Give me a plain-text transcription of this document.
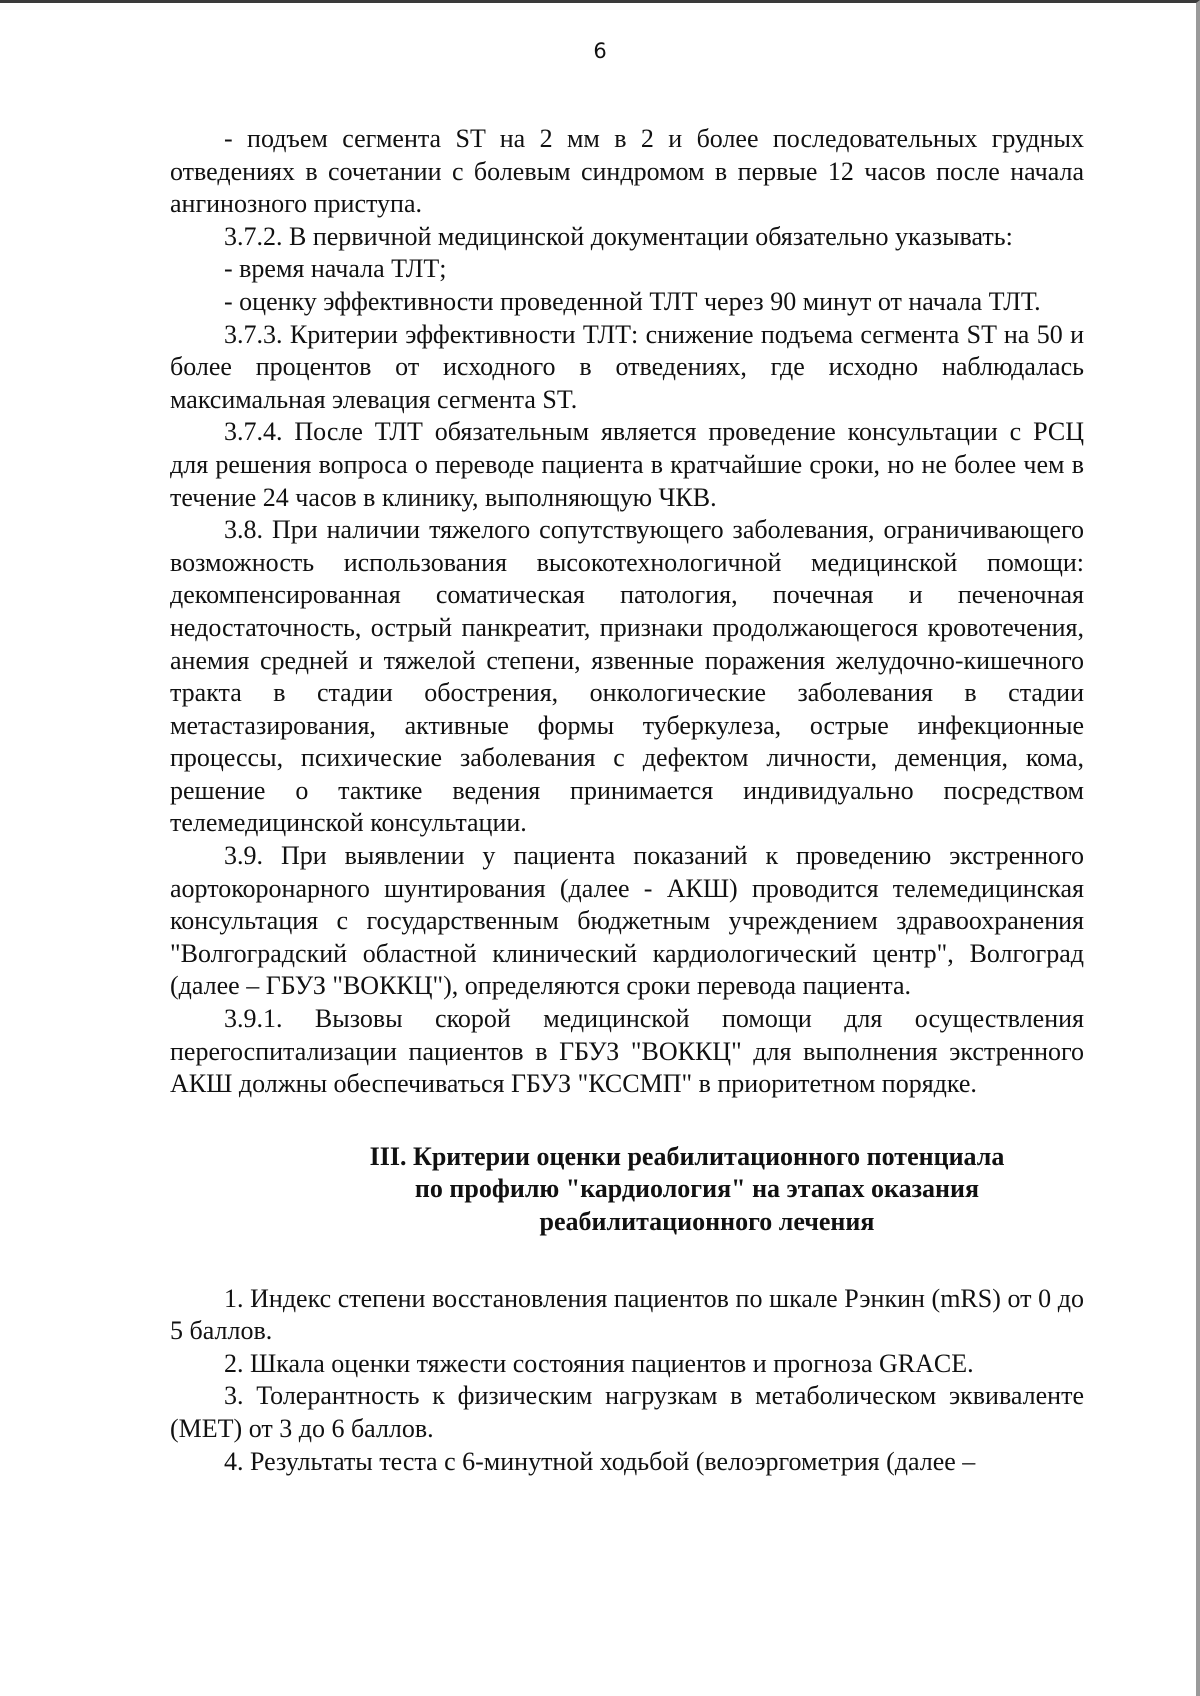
6

- подъем сегмента ST на 2 мм в 2 и более последовательных грудных отведениях в сочетании с болевым синдромом в первые 12 часов после начала ангинозного приступа.

3.7.2. В первичной медицинской документации обязательно указывать:

- время начала ТЛТ;

- оценку эффективности проведенной ТЛТ через 90 минут от начала ТЛТ.

3.7.3. Критерии эффективности ТЛТ: снижение подъема сегмента ST на 50 и более процентов от исходного в отведениях, где исходно наблюдалась максимальная элевация сегмента ST.

3.7.4. После ТЛТ обязательным является проведение консультации с РСЦ для решения вопроса о переводе пациента в кратчайшие сроки, но не более чем в течение 24 часов в клинику, выполняющую ЧКВ.

3.8. При наличии тяжелого сопутствующего заболевания, ограничивающего возможность использования высокотехнологичной медицинской помощи: декомпенсированная соматическая патология, почечная и печеночная недостаточность, острый панкреатит, признаки продолжающегося кровотечения, анемия средней и тяжелой степени, язвенные поражения желудочно-кишечного тракта в стадии обострения, онкологические заболевания в стадии метастазирования, активные формы туберкулеза, острые инфекционные процессы, психические заболевания с дефектом личности, деменция, кома, решение о тактике ведения принимается индивидуально посредством телемедицинской консультации.

3.9. При выявлении у пациента показаний к проведению экстренного аортокоронарного шунтирования (далее - АКШ) проводится телемедицинская консультация с государственным бюджетным учреждением здравоохранения "Волгоградский областной клинический кардиологический центр", Волгоград (далее – ГБУЗ "ВОККЦ"), определяются сроки перевода пациента.

3.9.1. Вызовы скорой медицинской помощи для осуществления перегоспитализации пациентов в ГБУЗ "ВОККЦ" для выполнения экстренного АКШ должны обеспечиваться ГБУЗ "КССМП" в приоритетном порядке.

III. Критерии оценки реабилитационного потенциала
по профилю "кардиология" на этапах оказания
реабилитационного лечения

1. Индекс степени восстановления пациентов по шкале Рэнкин (mRS) от 0 до 5 баллов.

2. Шкала оценки тяжести состояния пациентов и прогноза GRACE.

3. Толерантность к физическим нагрузкам в метаболическом эквиваленте (МЕТ) от 3 до 6 баллов.

4. Результаты теста с 6-минутной ходьбой (велоэргометрия (далее –
